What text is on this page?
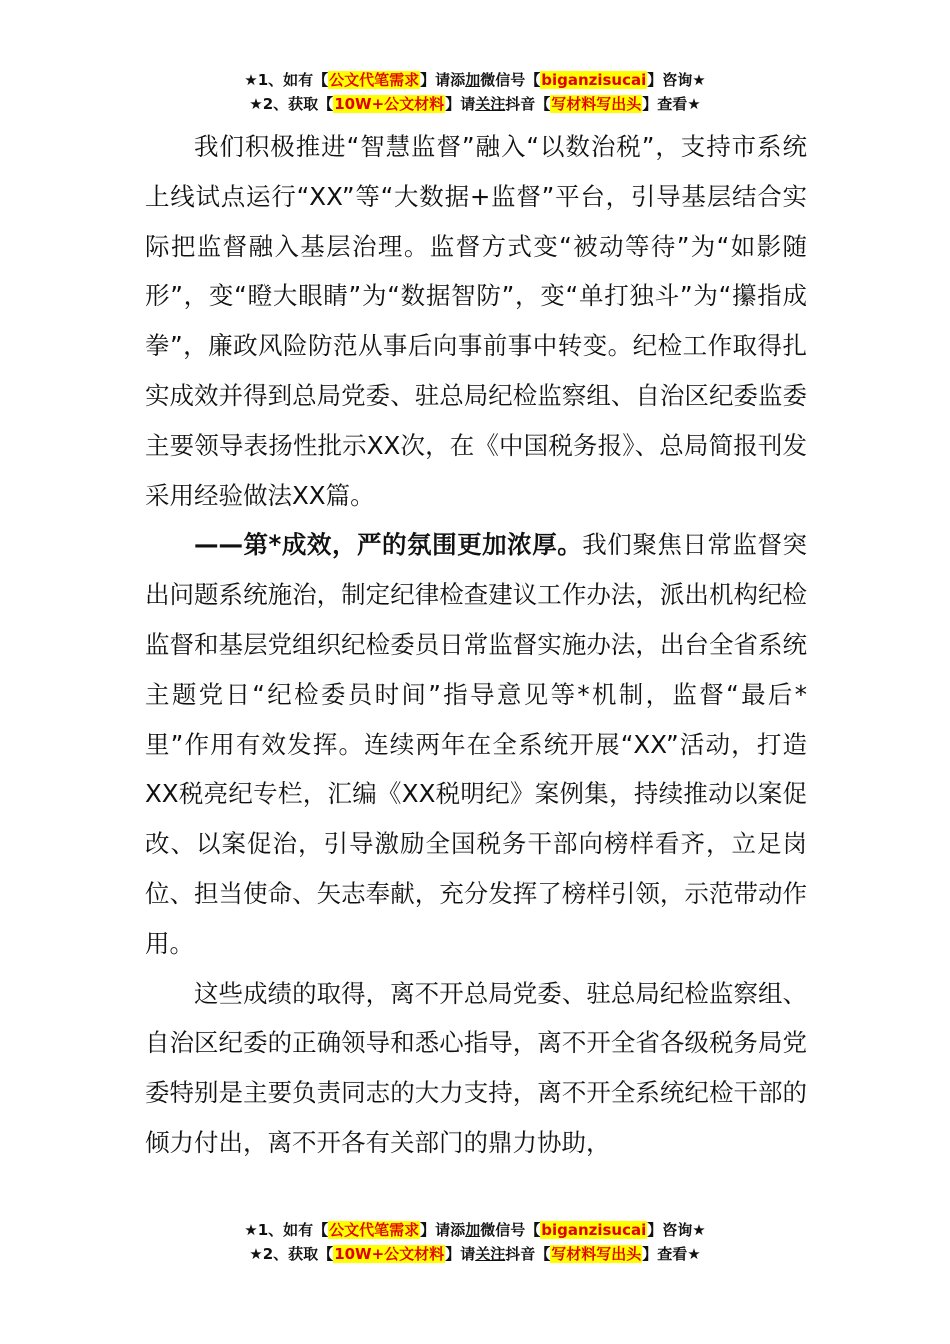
★1、如有【公文代笔需求】请添加微信号【biganzisucai】咨询★
★2、获取【10W+公文材料】请关注抖音【写材料写出头】查看★

我们积极推进“智慧监督”融入“以数治税”，支持市系统上线试点运行“XX”等“大数据+监督”平台，引导基层结合实际把监督融入基层治理。监督方式变“被动等待”为“如影随形”，变“瞪大眼睛”为“数据智防”，变“单打独斗”为“攥指成拳”，廉政风险防范从事后向事前事中转变。纪检工作取得扎实成效并得到总局党委、驻总局纪检监察组、自治区纪委监委主要领导表扬性批示XX次，在《中国税务报》、总局简报刊发采用经验做法XX篇。

——第*成效，严的氛围更加浓厚。我们聚焦日常监督突出问题系统施治，制定纪律检查建议工作办法，派出机构纪检监督和基层党组织纪检委员日常监督实施办法，出台全省系统主题党日“纪检委员时间”指导意见等*机制，监督“最后*里”作用有效发挥。连续两年在全系统开展“XX”活动，打造XX税亮纪专栏，汇编《XX税明纪》案例集，持续推动以案促改、以案促治，引导激励全国税务干部向榜样看齐，立足岗位、担当使命、矢志奉献，充分发挥了榜样引领，示范带动作用。

这些成绩的取得，离不开总局党委、驻总局纪检监察组、自治区纪委的正确领导和悉心指导，离不开全省各级税务局党委特别是主要负责同志的大力支持，离不开全系统纪检干部的倾力付出，离不开各有关部门的鼎力协助，

★1、如有【公文代笔需求】请添加微信号【biganzisucai】咨询★
★2、获取【10W+公文材料】请关注抖音【写材料写出头】查看★
